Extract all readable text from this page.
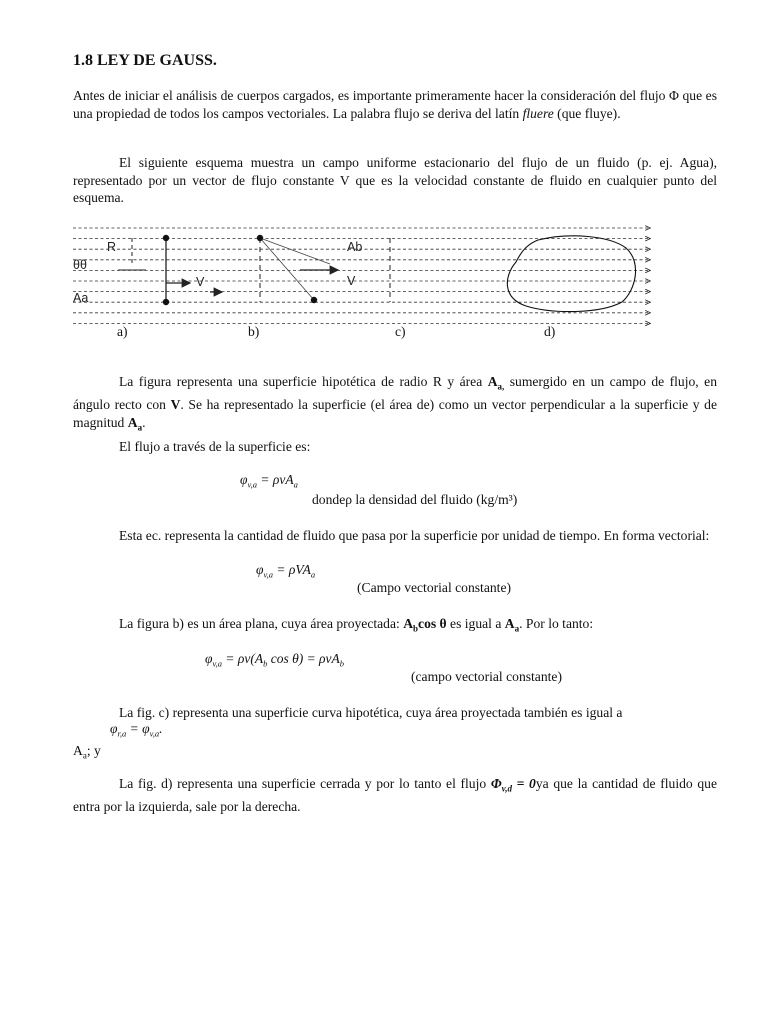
1.8 LEY DE GAUSS.
Antes de iniciar el análisis de cuerpos cargados, es importante primeramente hacer la consideración del flujo Φ que es una propiedad de todos los campos vectoriales. La palabra flujo se deriva del latín fluere (que fluye).
El siguiente esquema muestra un campo uniforme estacionario del flujo de un fluido (p. ej. Agua), representado por un vector de flujo constante V que es la velocidad constante de fluido en cualquier punto del esquema.
R
θθ
Aa
V
Ab
V
a)	b)	c)	d)
La figura representa una superficie hipotética de radio R y área $A_{a,}$ sumergido en un campo de flujo, en ángulo recto con V. Se ha representado la superficie (el área de) como un vector perpendicular a la superficie y de magnitud $A_a$.
El flujo a través de la superficie es:
$\varphi_{v,a} = \rho vA_a$
dondeρ la densidad del fluido (kg/m³)
Esta ec. representa la cantidad de fluido que pasa por la superficie por unidad de tiempo. En forma vectorial:
$\varphi_{v,a} = \rho VA_a$
(Campo vectorial constante)
La figura b) es un área plana, cuya área proyectada: $A_b\cos$ θ es igual a $A_a$. Por lo tanto:
$\varphi_{v,a} = \rho v(A_b$ cos θ) = ρvA$_b$
(campo vectorial constante)
La fig. c) representa una superficie curva hipotética, cuya área proyectada también es igual a
$\varphi_{r,a} = \varphi_{v,a}$.
$A_a$; y
La fig. d) representa una superficie cerrada y por lo tanto el flujo $\Phi_{v,d} = 0ya$ que la cantidad de fluido que entra por la izquierda, sale por la derecha.
